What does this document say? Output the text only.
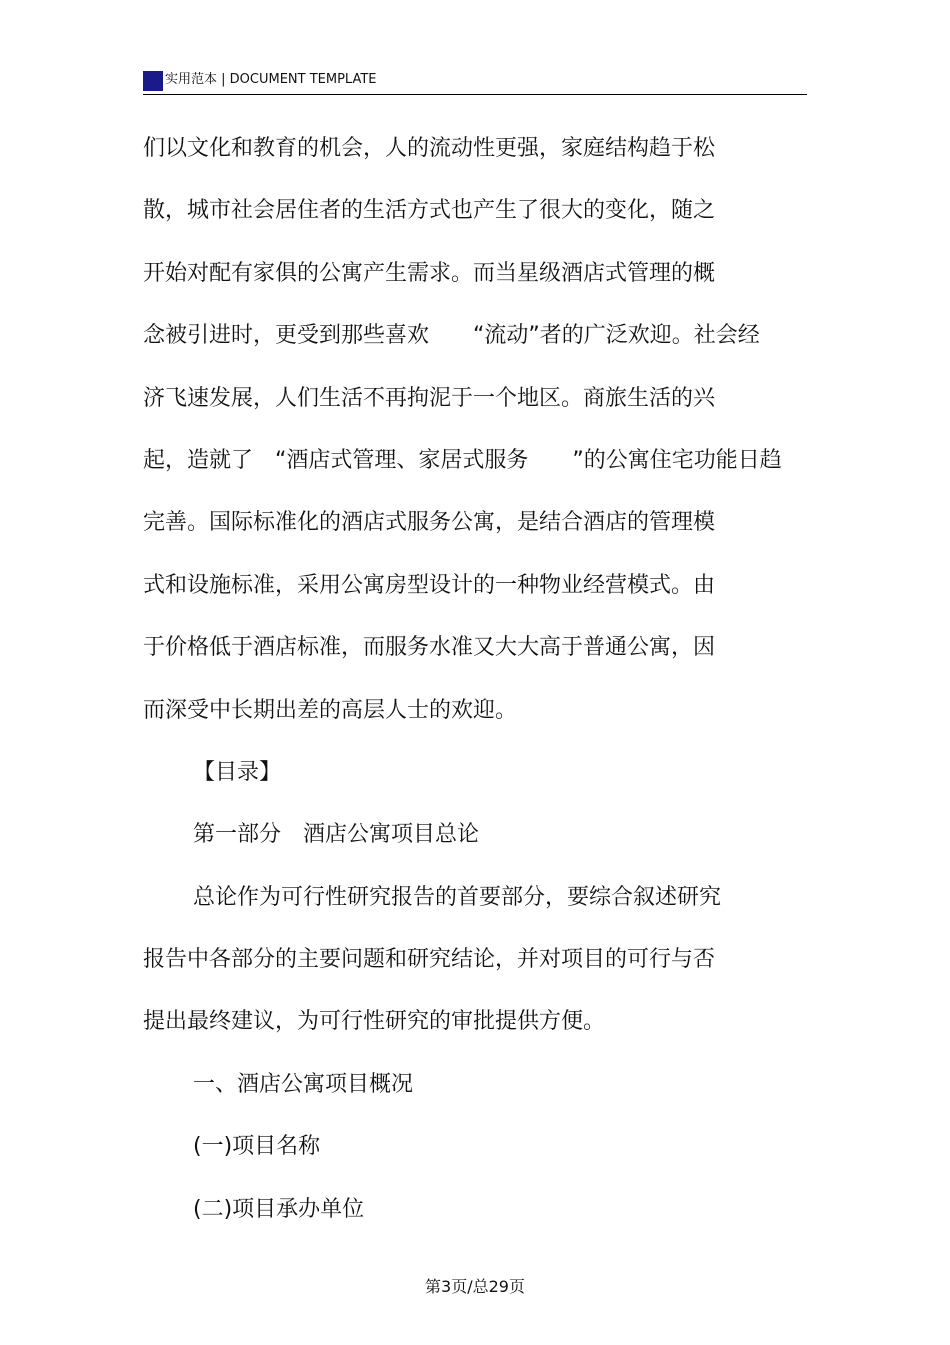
实用范本 | DOCUMENT TEMPLATE
们以文化和教育的机会，人的流动性更强，家庭结构趋于松
散，城市社会居住者的生活方式也产生了很大的变化，随之
开始对配有家俱的公寓产生需求。而当星级酒店式管理的概
念被引进时，更受到那些喜欢　　“流动”者的广泛欢迎。社会经
济飞速发展，人们生活不再拘泥于一个地区。商旅生活的兴
起，造就了　“酒店式管理、家居式服务　　”的公寓住宅功能日趋
完善。国际标准化的酒店式服务公寓，是结合酒店的管理模
式和设施标准，采用公寓房型设计的一种物业经营模式。由
于价格低于酒店标准，而服务水准又大大高于普通公寓，因
而深受中长期出差的高层人士的欢迎。
【目录】
第一部分　酒店公寓项目总论
总论作为可行性研究报告的首要部分，要综合叙述研究
报告中各部分的主要问题和研究结论，并对项目的可行与否
提出最终建议，为可行性研究的审批提供方便。
一、酒店公寓项目概况
(一)项目名称
(二)项目承办单位
第3页/总29页
